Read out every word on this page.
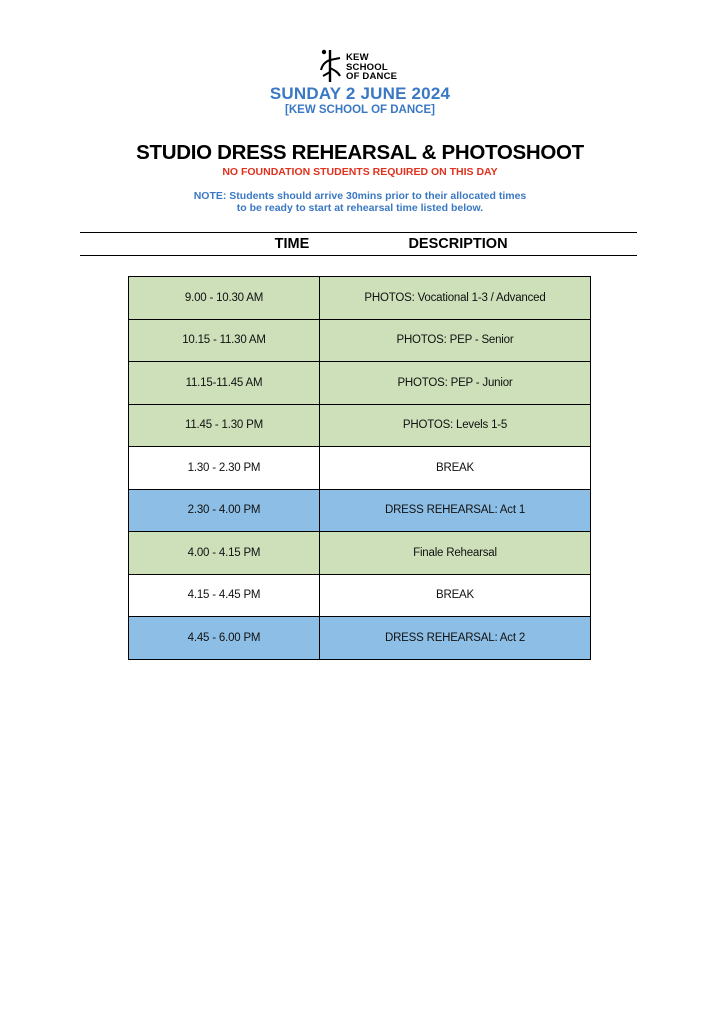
KEW
SCHOOL
OF DANCE
SUNDAY 2 JUNE 2024
[KEW SCHOOL OF DANCE]
STUDIO DRESS REHEARSAL & PHOTOSHOOT
NO FOUNDATION STUDENTS REQUIRED ON THIS DAY
NOTE: Students should arrive 30mins prior to their allocated times
to be ready to start at rehearsal time listed below.
TIME	DESCRIPTION
9.00 - 10.30 AM	PHOTOS: Vocational 1-3 / Advanced
10.15 - 11.30 AM	PHOTOS: PEP - Senior
11.15-11.45 AM	PHOTOS: PEP - Junior
11.45 - 1.30 PM	PHOTOS: Levels 1-5
1.30 - 2.30 PM	BREAK
2.30 - 4.00 PM	DRESS REHEARSAL: Act 1
4.00 - 4.15 PM	Finale Rehearsal
4.15 - 4.45 PM	BREAK
4.45 - 6.00 PM	DRESS REHEARSAL: Act 2
